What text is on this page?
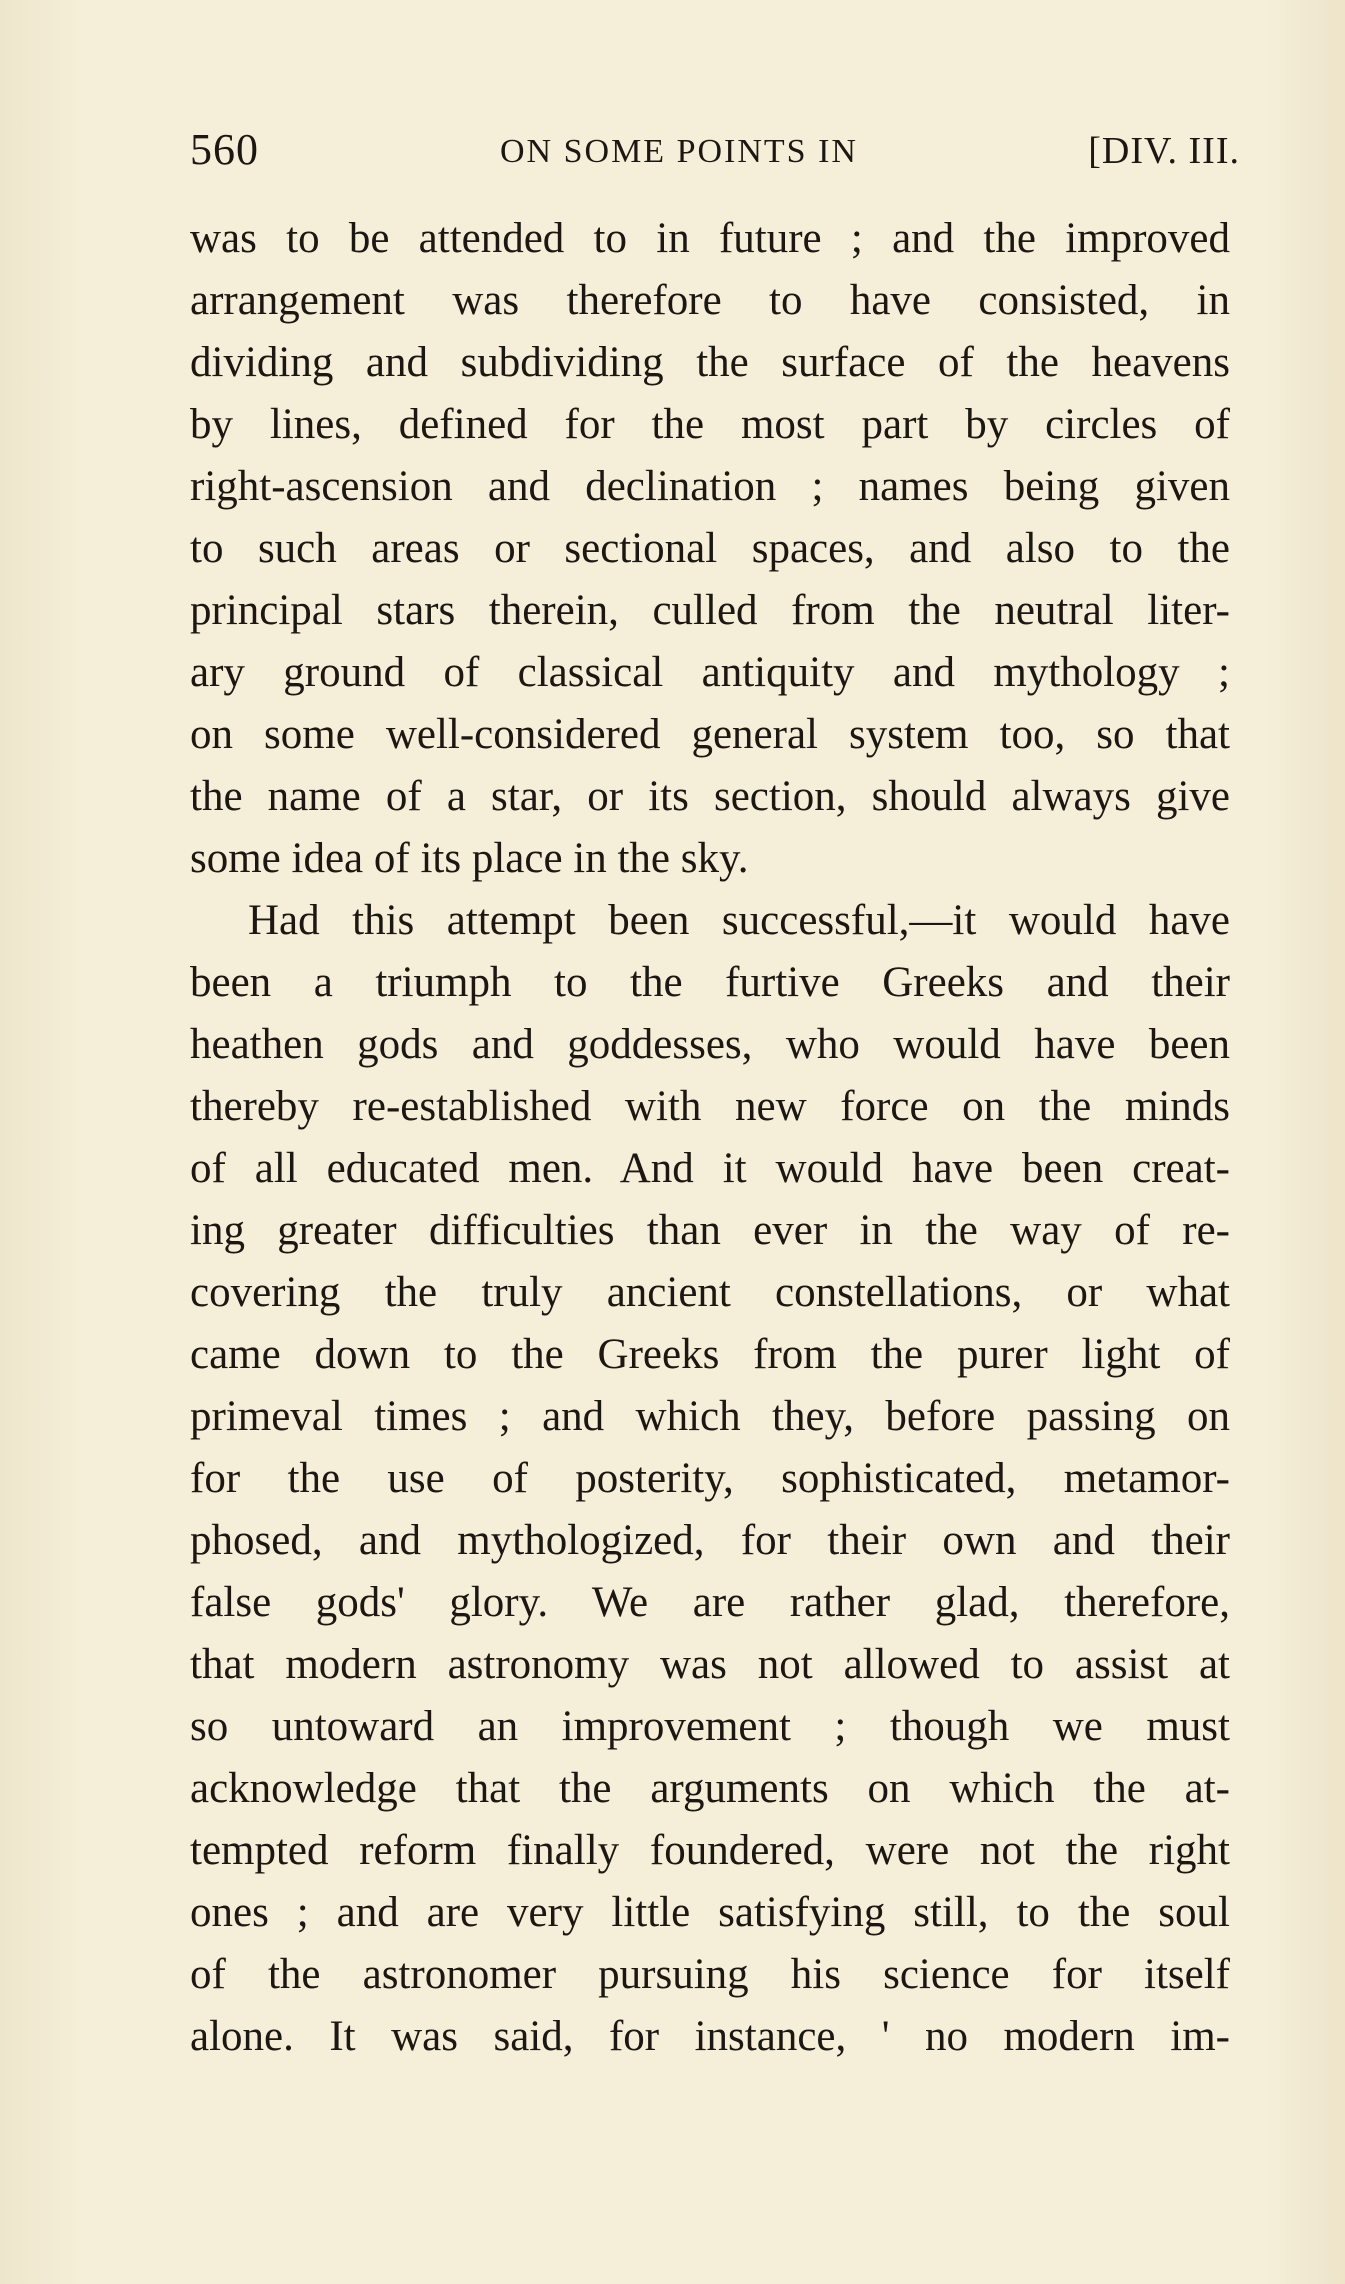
560	ON SOME POINTS IN	[DIV. III.
was to be attended to in future ; and the improved
arrangement was therefore to have consisted, in
dividing and subdividing the surface of the heavens
by lines, defined for the most part by circles of
right-ascension and declination ; names being given
to such areas or sectional spaces, and also to the
principal stars therein, culled from the neutral liter-
ary ground of classical antiquity and mythology ;
on some well-considered general system too, so that
the name of a star, or its section, should always give
some idea of its place in the sky.
Had this attempt been successful,—it would have
been a triumph to the furtive Greeks and their
heathen gods and goddesses, who would have been
thereby re-established with new force on the minds
of all educated men. And it would have been creat-
ing greater difficulties than ever in the way of re-
covering the truly ancient constellations, or what
came down to the Greeks from the purer light of
primeval times ; and which they, before passing on
for the use of posterity, sophisticated, metamor-
phosed, and mythologized, for their own and their
false gods' glory. We are rather glad, therefore,
that modern astronomy was not allowed to assist at
so untoward an improvement ; though we must
acknowledge that the arguments on which the at-
tempted reform finally foundered, were not the right
ones ; and are very little satisfying still, to the soul
of the astronomer pursuing his science for itself
alone. It was said, for instance, ' no modern im-
